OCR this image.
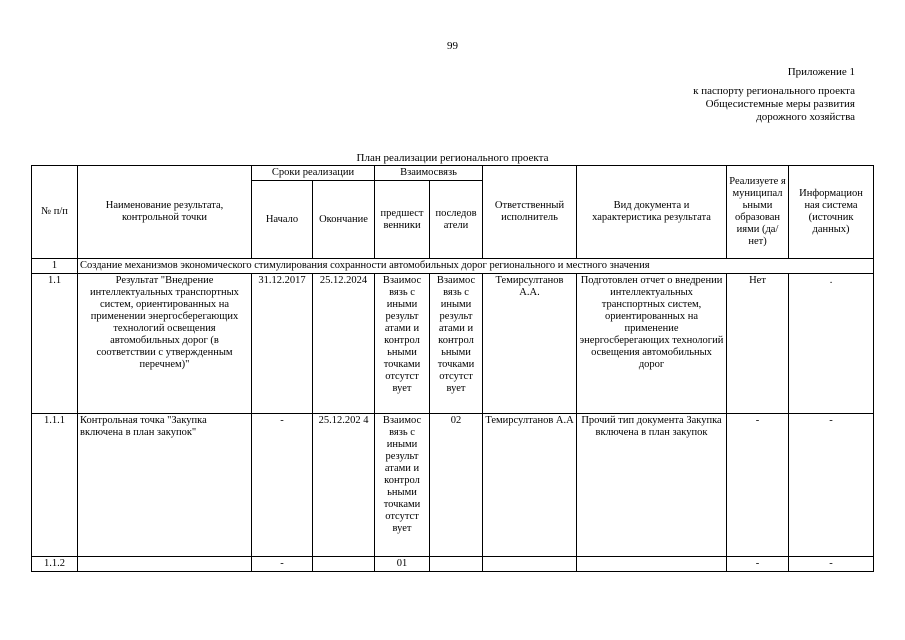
99
Приложение 1
к паспорту регионального проекта
Общесистемные меры развития
дорожного хозяйства
План реализации регионального проекта
№ п/п	Наименование результата, контрольной точки	Сроки реализации		Взаимосвязь		Ответственный исполнитель	Вид документа и характеристика результата	Реализуете я муниципал ьными образован иями (да/нет)	Информацион ная система (источник данных)
		Начало	Окончание	предшест венники	последов атели				
1	Создание механизмов экономического стимулирования сохранности автомобильных дорог регионального и местного значения								
1.1	Результат "Внедрение интеллектуальных транспортных систем, ориентированных на применении энергосберегающих технологий освещения автомобильных дорог (в соответствии с утвержденным перечнем)"	31.12.2017	25.12.2024	Взаимос вязь с иными результ атами и контрол ьными точками отсутст вует	Взаимос вязь с иными результ атами и контрол ьными точками отсутст вует	Темирсултанов А.А.	Подготовлен отчет о внедрении интеллектуальных транспортных систем, ориентированных на применение энергосберегающих технологий освещения автомобильных дорог	Нет	.
1.1.1	Контрольная точка "Закупка включена в план закупок"	-	25.12.202 4	Взаимос вязь с иными результ атами и контрол ьными точками отсутст вует	02	Темирсултанов А.А	Прочий тип документа Закупка включена в план закупок	-	-
1.1.2		-		01				-	-
